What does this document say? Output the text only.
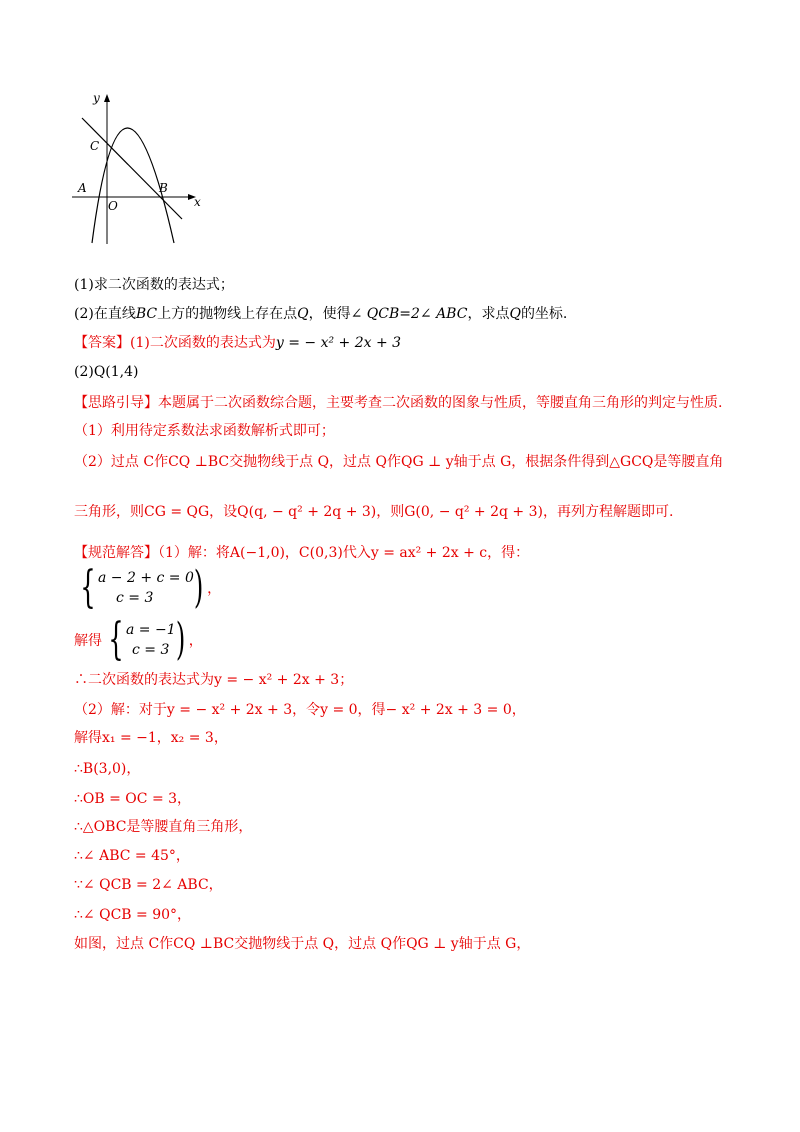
y
x
C
A
O
B
(1)求二次函数的表达式；
(2)在直线BC上方的抛物线上存在点Q，使得∠ QCB=2∠ ABC，求点Q的坐标.
【答案】(1)二次函数的表达式为y = − x² + 2x + 3
(2)Q(1,4)
【思路引导】本题属于二次函数综合题，主要考查二次函数的图象与性质，等腰直角三角形的判定与性质.
（1）利用待定系数法求函数解析式即可；
（2）过点 C作CQ ⊥BC交抛物线于点 Q，过点 Q作QG ⊥ y轴于点 G，根据条件得到△GCQ是等腰直角
三角形，则CG = QG，设Q(q, − q² + 2q + 3)，则G(0, − q² + 2q + 3)，再列方程解题即可.
【规范解答】（1）解：将A(−1,0)，C(0,3)代入y = ax² + 2x + c，得：
{ a − 2 + c = 0
c = 3 ) ，
解得 { a = −1
c = 3 ) ，
∴二次函数的表达式为y = − x² + 2x + 3；
（2）解：对于y = − x² + 2x + 3，令y = 0，得− x² + 2x + 3 = 0，
解得x₁ = −1，x₂ = 3，
∴B(3,0)，
∴OB = OC = 3，
∴△OBC是等腰直角三角形，
∴∠ ABC = 45°，
∵∠ QCB = 2∠ ABC，
∴∠ QCB = 90°，
如图，过点 C作CQ ⊥BC交抛物线于点 Q，过点 Q作QG ⊥ y轴于点 G，
